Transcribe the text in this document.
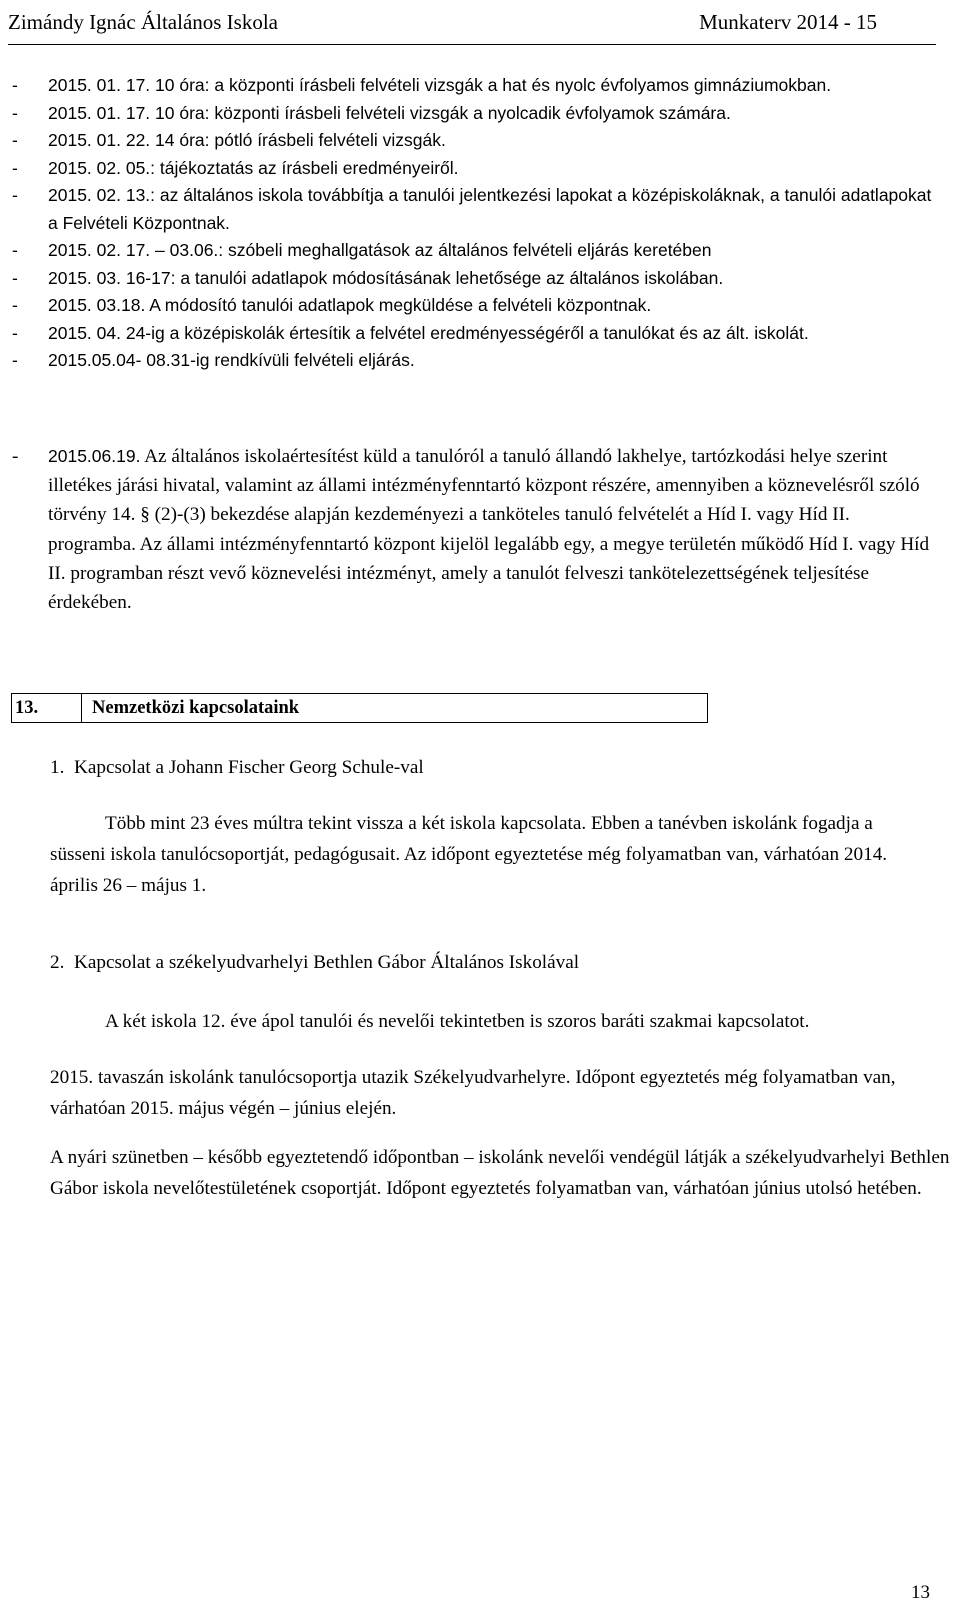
Zimándy Ignác Általános Iskola	Munkaterv 2014 - 15
- 2015. 01. 17. 10 óra: a központi írásbeli felvételi vizsgák a hat és nyolc évfolyamos gimnáziumokban.
- 2015. 01. 17. 10 óra: központi írásbeli felvételi vizsgák a nyolcadik évfolyamok számára.
- 2015. 01. 22. 14 óra: pótló írásbeli felvételi vizsgák.
- 2015. 02. 05.: tájékoztatás az írásbeli eredményeiről.
- 2015. 02. 13.: az általános iskola továbbítja a tanulói jelentkezési lapokat a középiskoláknak, a tanulói adatlapokat a Felvételi Központnak.
- 2015. 02. 17. – 03.06.: szóbeli meghallgatások az általános felvételi eljárás keretében
- 2015. 03. 16-17: a tanulói adatlapok módosításának lehetősége az általános iskolában.
- 2015. 03.18. A módosító tanulói adatlapok megküldése a felvételi központnak.
- 2015. 04. 24-ig a középiskolák értesítik a felvétel eredményességéről a tanulókat és az ált. iskolát.
- 2015.05.04- 08.31-ig rendkívüli felvételi eljárás.
- 2015.06.19. Az általános iskolaértesítést küld a tanulóról a tanuló állandó lakhelye, tartózkodási helye szerint illetékes járási hivatal, valamint az állami intézményfenntartó központ részére, amennyiben a köznevelésről szóló törvény 14. § (2)-(3) bekezdése alapján kezdeményezi a tanköteles tanuló felvételét a Híd I. vagy Híd II. programba. Az állami intézményfenntartó központ kijelöl legalább egy, a megye területén működő Híd I. vagy Híd II. programban részt vevő köznevelési intézményt, amely a tanulót felveszi tankötelezettségének teljesítése érdekében.
13.	Nemzetközi kapcsolataink
1.  Kapcsolat a Johann Fischer Georg Schule-val

Több mint 23 éves múltra tekint vissza a két iskola kapcsolata. Ebben a tanévben iskolánk fogadja a süsseni iskola tanulócsoportját, pedagógusait. Az időpont egyeztetése még folyamatban van, várhatóan 2014. április 26 – május 1.

2.  Kapcsolat a székelyudvarhelyi Bethlen Gábor Általános Iskolával

A két iskola 12. éve ápol tanulói és nevelői tekintetben is szoros baráti szakmai kapcsolatot.

2015. tavaszán iskolánk tanulócsoportja utazik Székelyudvarhelyre. Időpont egyeztetés még folyamatban van, várhatóan 2015. május végén – június elején.

A nyári szünetben – később egyeztetendő időpontban – iskolánk nevelői vendégül látják a székelyudvarhelyi Bethlen Gábor iskola nevelőtestületének csoportját. Időpont egyeztetés folyamatban van, várhatóan június utolsó hetében.

13
